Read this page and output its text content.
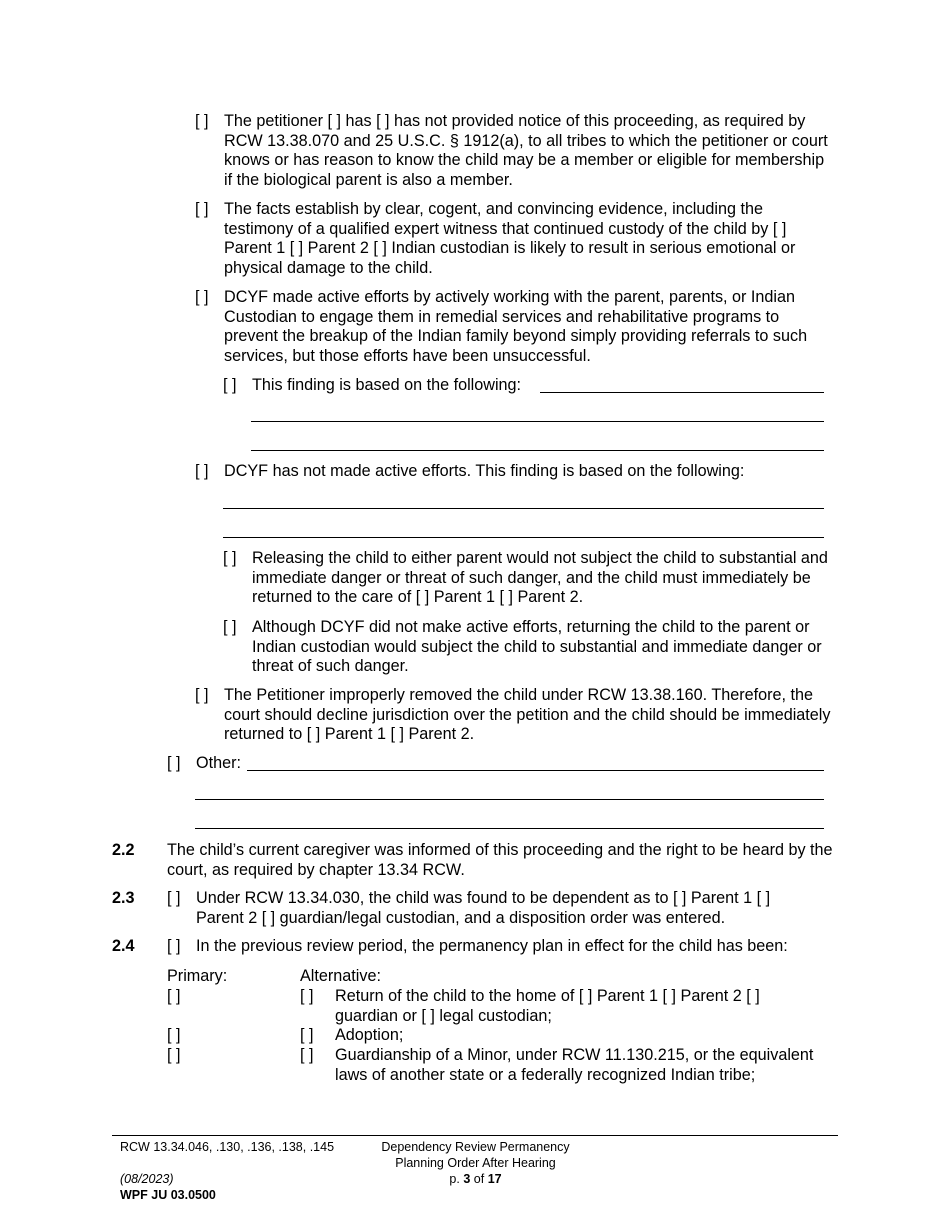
[ ] The petitioner [ ] has [ ] has not provided notice of this proceeding, as required by RCW 13.38.070 and 25 U.S.C. § 1912(a), to all tribes to which the petitioner or court knows or has reason to know the child may be a member or eligible for membership if the biological parent is also a member.
[ ] The facts establish by clear, cogent, and convincing evidence, including the testimony of a qualified expert witness that continued custody of the child by [ ] Parent 1 [ ] Parent 2 [ ] Indian custodian is likely to result in serious emotional or physical damage to the child.
[ ] DCYF made active efforts by actively working with the parent, parents, or Indian Custodian to engage them in remedial services and rehabilitative programs to prevent the breakup of the Indian family beyond simply providing referrals to such services, but those efforts have been unsuccessful.
[ ] This finding is based on the following:
[ ] DCYF has not made active efforts. This finding is based on the following:
[ ] Releasing the child to either parent would not subject the child to substantial and immediate danger or threat of such danger, and the child must immediately be returned to the care of [ ] Parent 1 [ ] Parent 2.
[ ] Although DCYF did not make active efforts, returning the child to the parent or Indian custodian would subject the child to substantial and immediate danger or threat of such danger.
[ ] The Petitioner improperly removed the child under RCW 13.38.160. Therefore, the court should decline jurisdiction over the petition and the child should be immediately returned to [ ] Parent 1 [ ] Parent 2.
[ ] Other:
2.2 The child’s current caregiver was informed of this proceeding and the right to be heard by the court, as required by chapter 13.34 RCW.
2.3 [ ] Under RCW 13.34.030, the child was found to be dependent as to [ ] Parent 1 [ ] Parent 2 [ ] guardian/legal custodian, and a disposition order was entered.
2.4 [ ] In the previous review period, the permanency plan in effect for the child has been:
Primary:	Alternative:
[ ]	[ ] Return of the child to the home of [ ] Parent 1 [ ] Parent 2 [ ] guardian or [ ] legal custodian;
[ ]	[ ] Adoption;
[ ]	[ ] Guardianship of a Minor, under RCW 11.130.215, or the equivalent laws of another state or a federally recognized Indian tribe;
RCW 13.34.046, .130, .136, .138, .145
(08/2023)
WPF JU 03.0500
Dependency Review Permanency
Planning Order After Hearing
p. 3 of 17
